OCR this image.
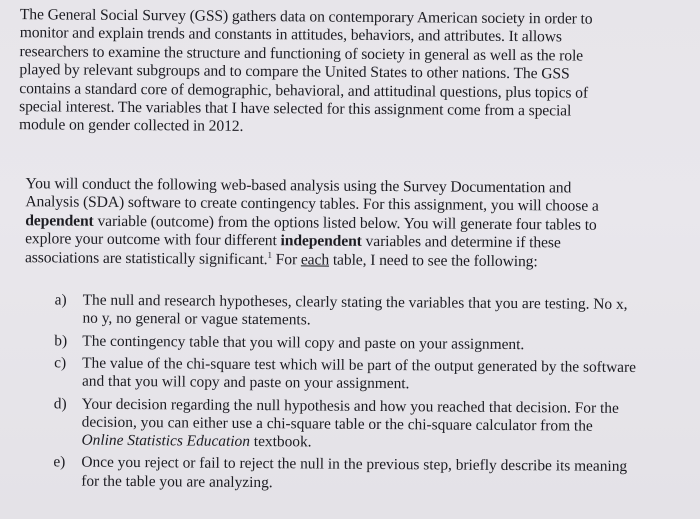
The General Social Survey (GSS) gathers data on contemporary American society in order to
monitor and explain trends and constants in attitudes, behaviors, and attributes. It allows
researchers to examine the structure and functioning of society in general as well as the role
played by relevant subgroups and to compare the United States to other nations. The GSS
contains a standard core of demographic, behavioral, and attitudinal questions, plus topics of
special interest. The variables that I have selected for this assignment come from a special
module on gender collected in 2012.
You will conduct the following web-based analysis using the Survey Documentation and
Analysis (SDA) software to create contingency tables. For this assignment, you will choose a
dependent variable (outcome) from the options listed below. You will generate four tables to
explore your outcome with four different independent variables and determine if these
associations are statistically significant.$^1$ For each table, I need to see the following:
a) The null and research hypotheses, clearly stating the variables that you are testing. No x,
no y, no general or vague statements.
b) The contingency table that you will copy and paste on your assignment.
c) The value of the chi-square test which will be part of the output generated by the software
and that you will copy and paste on your assignment.
d) Your decision regarding the null hypothesis and how you reached that decision. For the
decision, you can either use a chi-square table or the chi-square calculator from the
Online Statistics Education textbook.
e) Once you reject or fail to reject the null in the previous step, briefly describe its meaning
for the table you are analyzing.
